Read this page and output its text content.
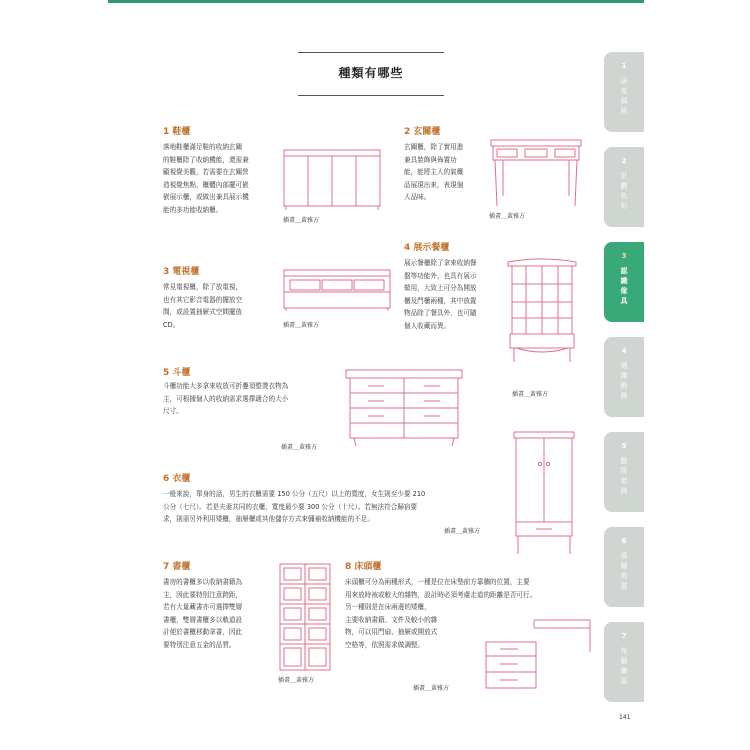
種類有哪些
1 鞋櫃
落地鞋櫃滿足鞋的收納玄關
的鞋櫃除了收納機能，還需兼
顧視覺美觀，若需要在玄關營
造視覺焦點，櫃體內部擺可嵌
嵌展示櫃，或做出兼具展示機
能的多功能收納櫃。
插畫＿黃雅方
2 玄關櫃
玄關櫃，除了實用進
兼具裝飾與佈置功
能，能將主人的氣概
品展現出來，表現個
人品味。
插畫＿黃雅方
4 展示餐櫃
展示餐櫃除了拿來收納餐
盤等功能外，也具有展示
做用，大致上可分為開放
櫃及門櫃兩種，其中放置
物品除了餐具外，也可隨
個人收藏而異。
3 電視櫃
常見電視櫃，除了放電視，
也有其它影音電器的擺放空
間，或設置抽屜式空間擺放
CD。	插畫＿黃雅方
5 斗櫃
斗櫃功能大多拿來收放可折疊須整燙衣物為
主，可根據個人的收納需求選擇適合的大小
尺寸。
插畫＿黃雅方
插畫＿黃雅方
6 衣櫃
一般來說，單身的話，男生的衣櫃需要 150 公分（五尺）以上的寬度，女生則至少要 210
公分（七尺）。若是夫妻共同的衣櫃，寬度最少要 300 公分（十尺）。若無法符合歸宿要
求，則需另外利用矮櫃，抽屜櫃或其他儲存方式來彌補收納機能的不足。
插畫＿黃雅方
7 書櫃
書房的書櫃多以收納書籍為
主，因此要特別注意跨距，
若有大量藏書亦可選擇雙層
書櫃，雙層書櫃多以軌道設
計便於書櫃移動拿書，因此
要特別注意五金的品質。
插畫＿黃雅方
8 床頭櫃
床頭櫃可分為兩種形式，一種是位在床墊前方靠牆的位置，主要
用來放時被或較大的雜物，設計時必須考慮走道的距離是否可行。
另一種則是在床兩邊的矮櫃，
主要收納書籍、文件及較小的雜
物，可以用門扇、抽屜或開放式
空格等，依照需求做調整。
插畫＿黃雅方
1
居家風格
2
計劃色彩
3
認識傢具
4
選擇燈飾
5
懸掛裝飾
6
桌檯佈置
7
布藝織品
141
